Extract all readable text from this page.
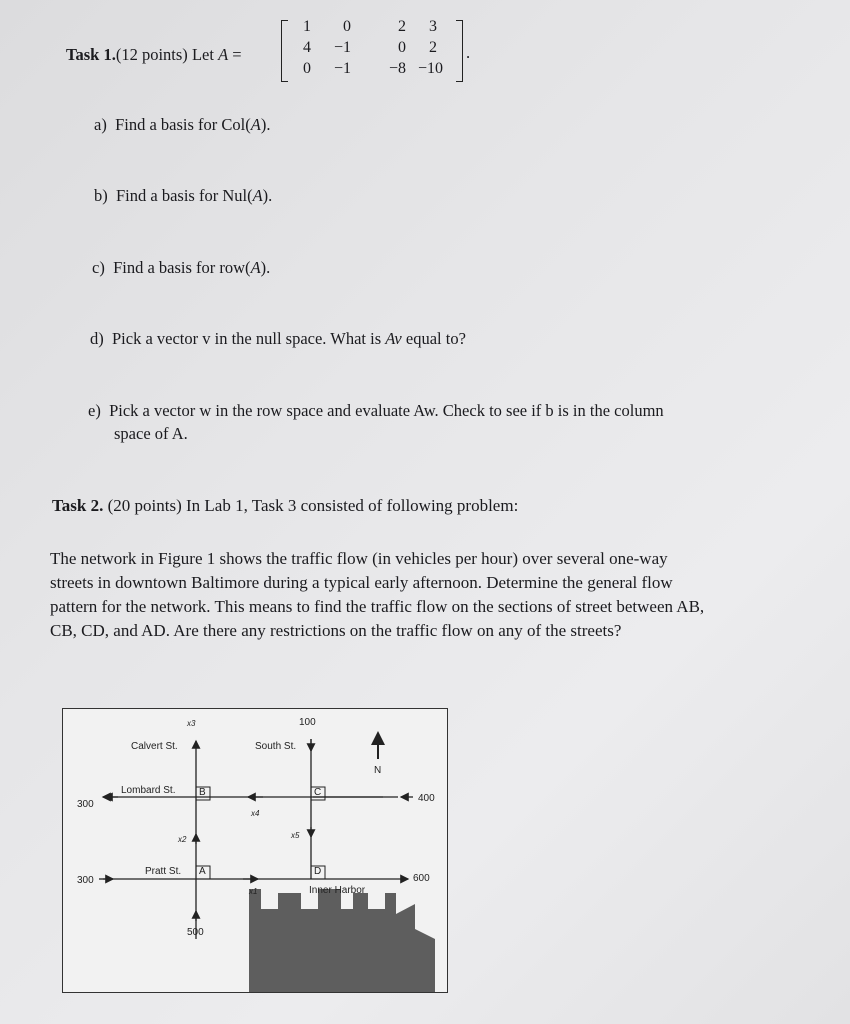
Task 1.(12 points) Let A =
1	0	2	3
4	−1	0	2
0	−1	−8 −10
.
a) Find a basis for Col(A).
b) Find a basis for Nul(A).
c) Find a basis for row(A).
d) Pick a vector v in the null space. What is Av equal to?
e) Pick a vector w in the row space and evaluate Aw. Check to see if b is in the column
space of A.
Task 2. (20 points) In Lab 1, Task 3 consisted of following problem:
The network in Figure 1 shows the traffic flow (in vehicles per hour) over several one-way
streets in downtown Baltimore during a typical early afternoon. Determine the general flow
pattern for the network. This means to find the traffic flow on the sections of street between AB,
CB, CD, and AD. Are there any restrictions on the traffic flow on any of the streets?
Calvert St.	South St.
Lombard St.
Pratt St.
B	C
A	D
100
300
400
300	600
500
x3
x2
x4
x5
x1
N
Inner Harbor
